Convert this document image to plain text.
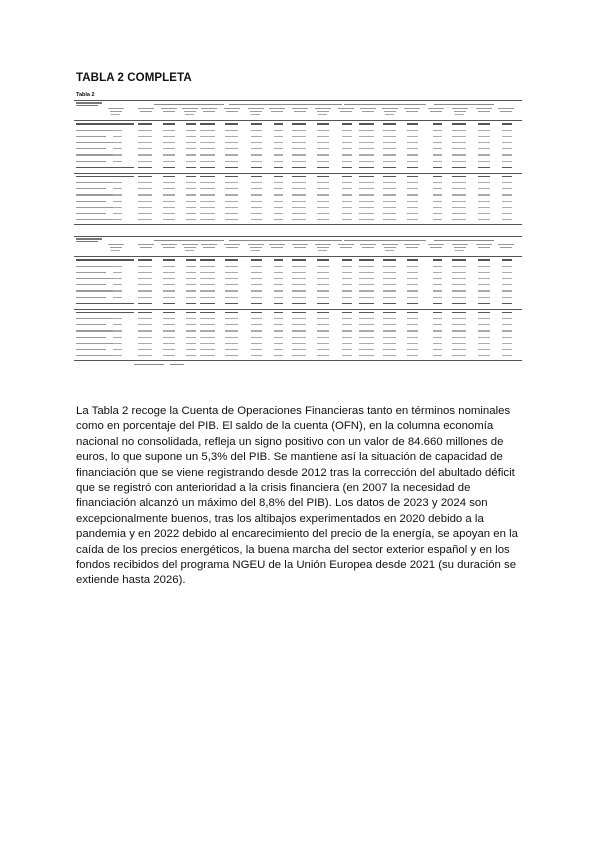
TABLA 2 COMPLETA
Tabla 2
La Tabla 2 recoge la Cuenta de Operaciones Financieras tanto en términos nominales como en porcentaje del PIB. El saldo de la cuenta (OFN), en la columna economía nacional no consolidada, refleja un signo positivo con un valor de 84.660 millones de euros, lo que supone un 5,3% del PIB. Se mantiene así la situación de capacidad de financiación que se viene registrando desde 2012 tras la corrección del abultado déficit que se registró con anterioridad a la crisis financiera (en 2007 la necesidad de financiación alcanzó un máximo del 8,8% del PIB). Los datos de 2023 y 2024 son excepcionalmente buenos, tras los altibajos experimentados en 2020 debido a la pandemia y en 2022 debido al encarecimiento del precio de la energía, se apoyan en la caída de los precios energéticos, la buena marcha del sector exterior español y en los fondos recibidos del programa NGEU de la Unión Europea desde 2021 (su duración se extiende hasta 2026).
